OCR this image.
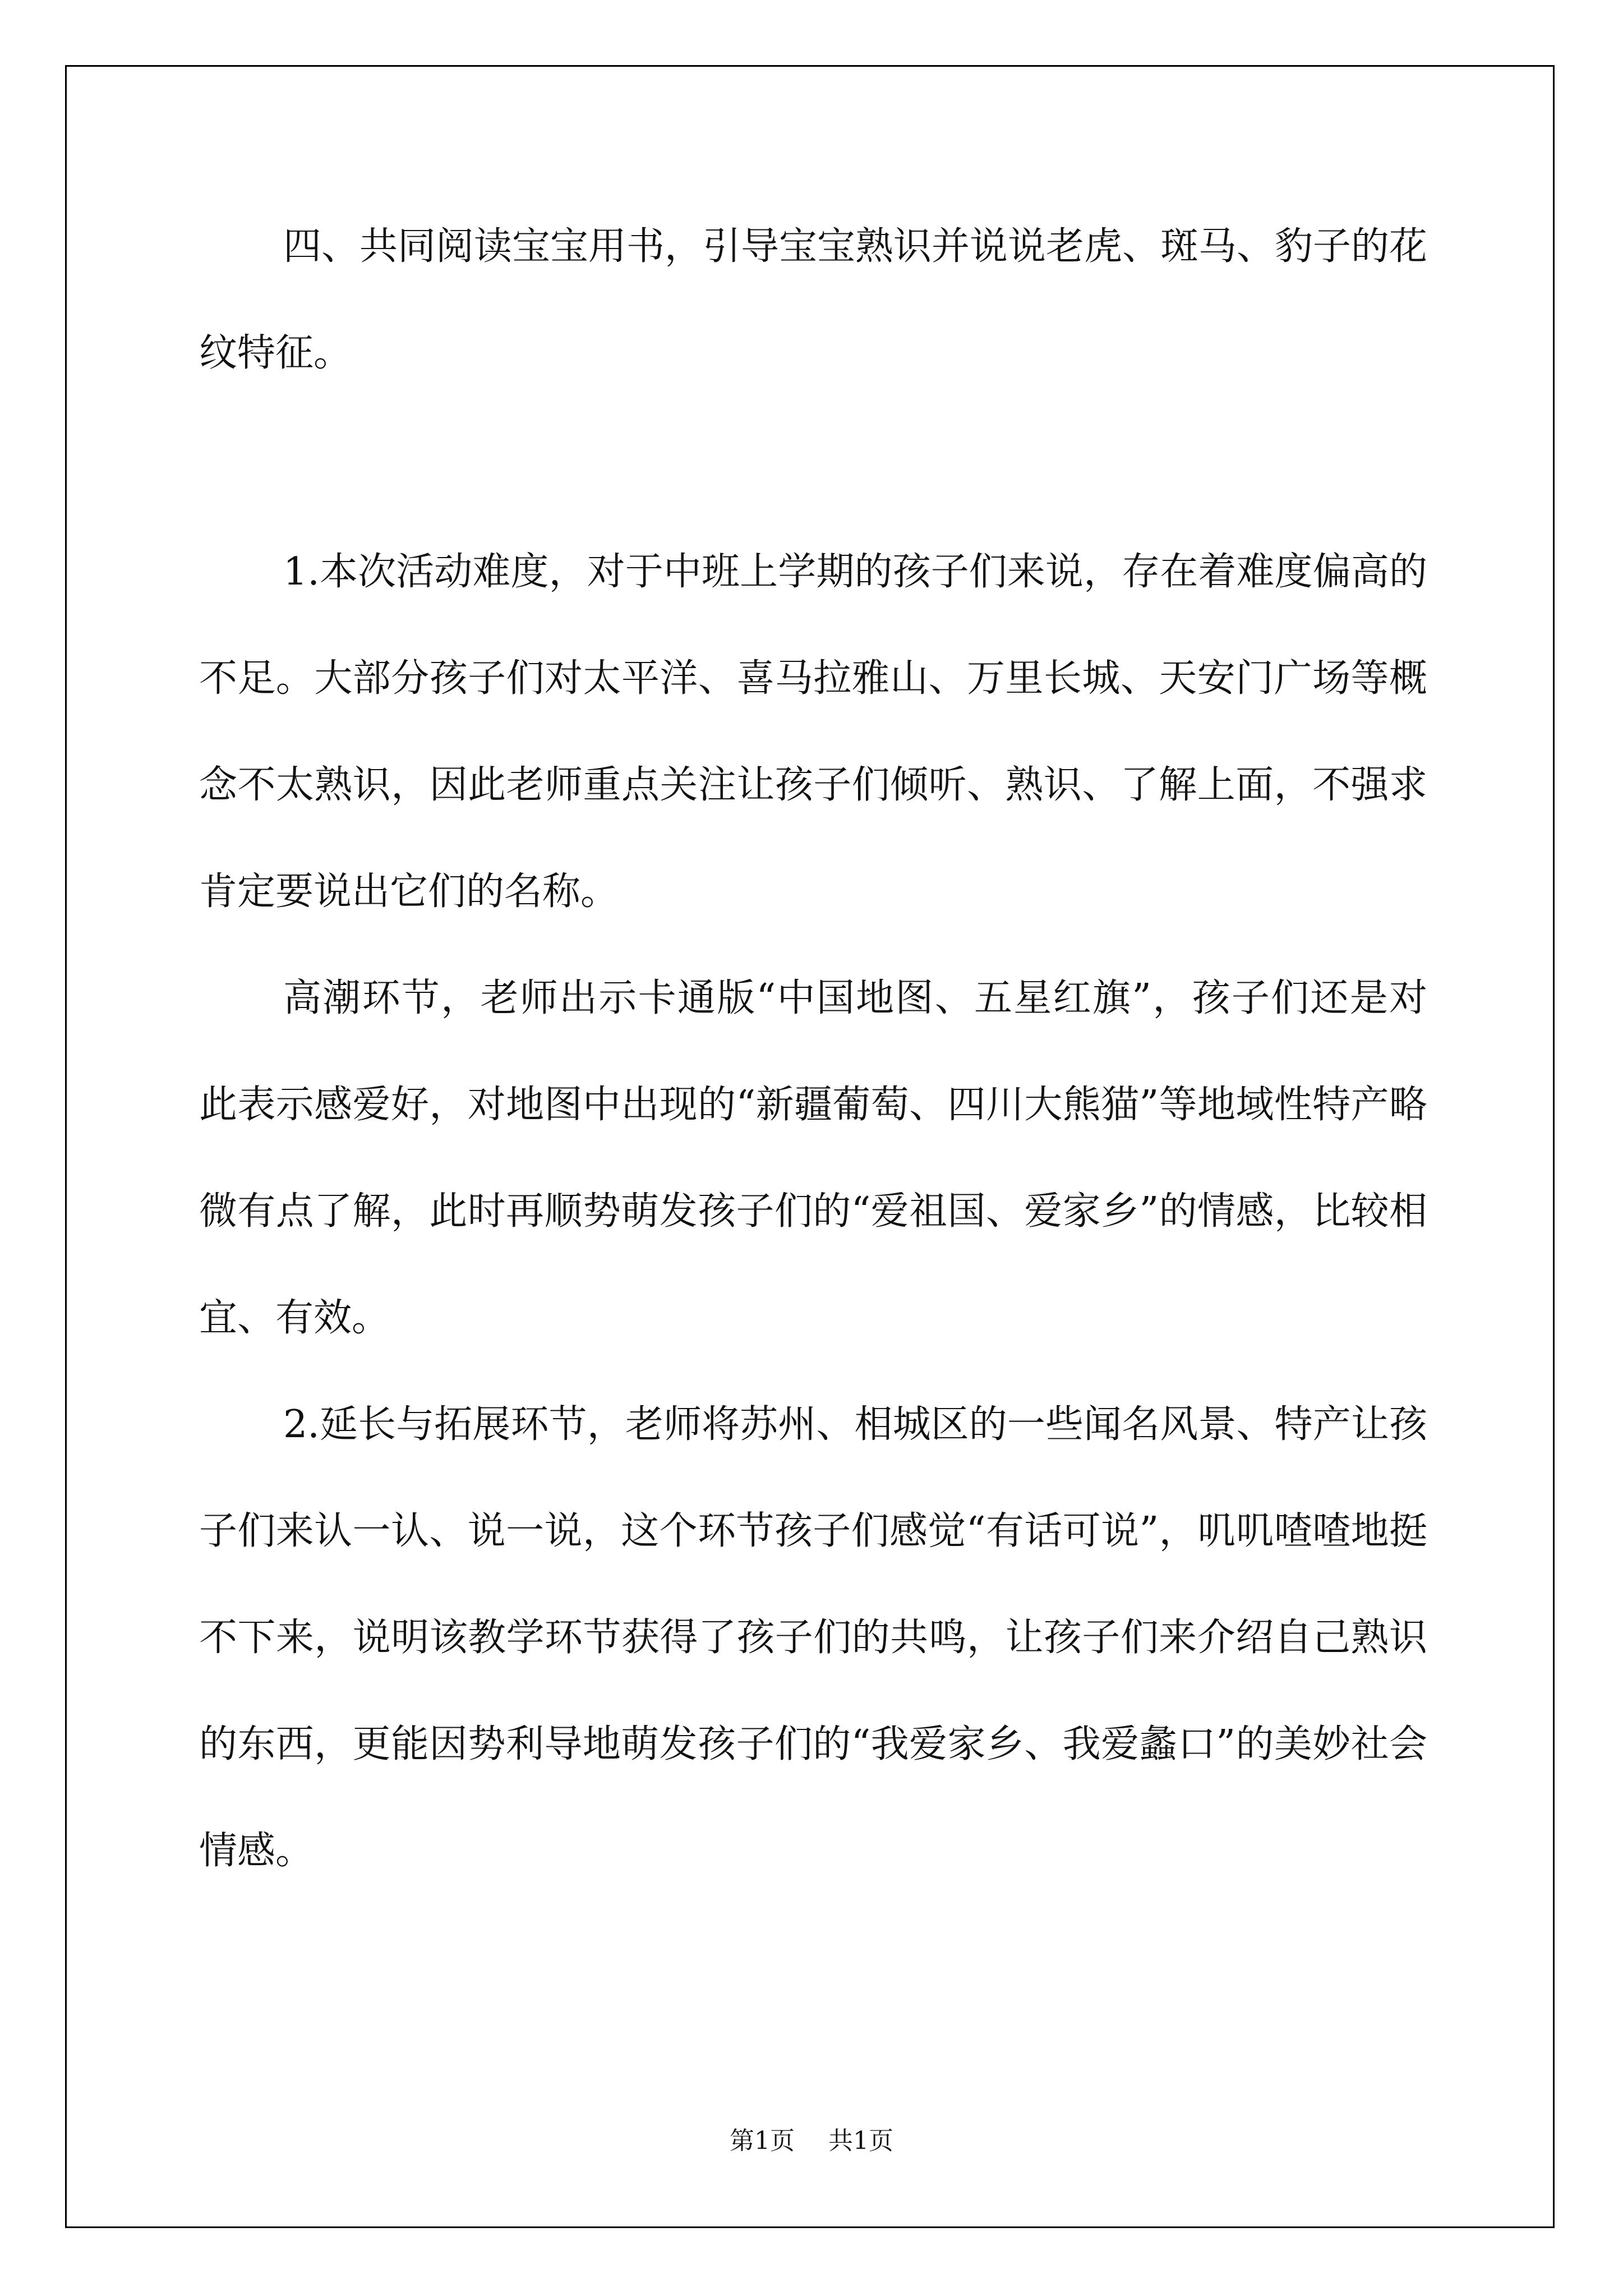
四、共同阅读宝宝用书，引导宝宝熟识并说说老虎、斑马、豹子的花纹特征。

1.本次活动难度，对于中班上学期的孩子们来说，存在着难度偏高的不足。大部分孩子们对太平洋、喜马拉雅山、万里长城、天安门广场等概念不太熟识，因此老师重点关注让孩子们倾听、熟识、了解上面，不强求肯定要说出它们的名称。

高潮环节，老师出示卡通版“中国地图、五星红旗”，孩子们还是对此表示感爱好，对地图中出现的“新疆葡萄、四川大熊猫”等地域性特产略微有点了解，此时再顺势萌发孩子们的“爱祖国、爱家乡”的情感，比较相宜、有效。

2.延长与拓展环节，老师将苏州、相城区的一些闻名风景、特产让孩子们来认一认、说一说，这个环节孩子们感觉“有话可说”，叽叽喳喳地挺不下来，说明该教学环节获得了孩子们的共鸣，让孩子们来介绍自己熟识的东西，更能因势利导地萌发孩子们的“我爱家乡、我爱蠡口”的美妙社会情感。

第1页 共1页
